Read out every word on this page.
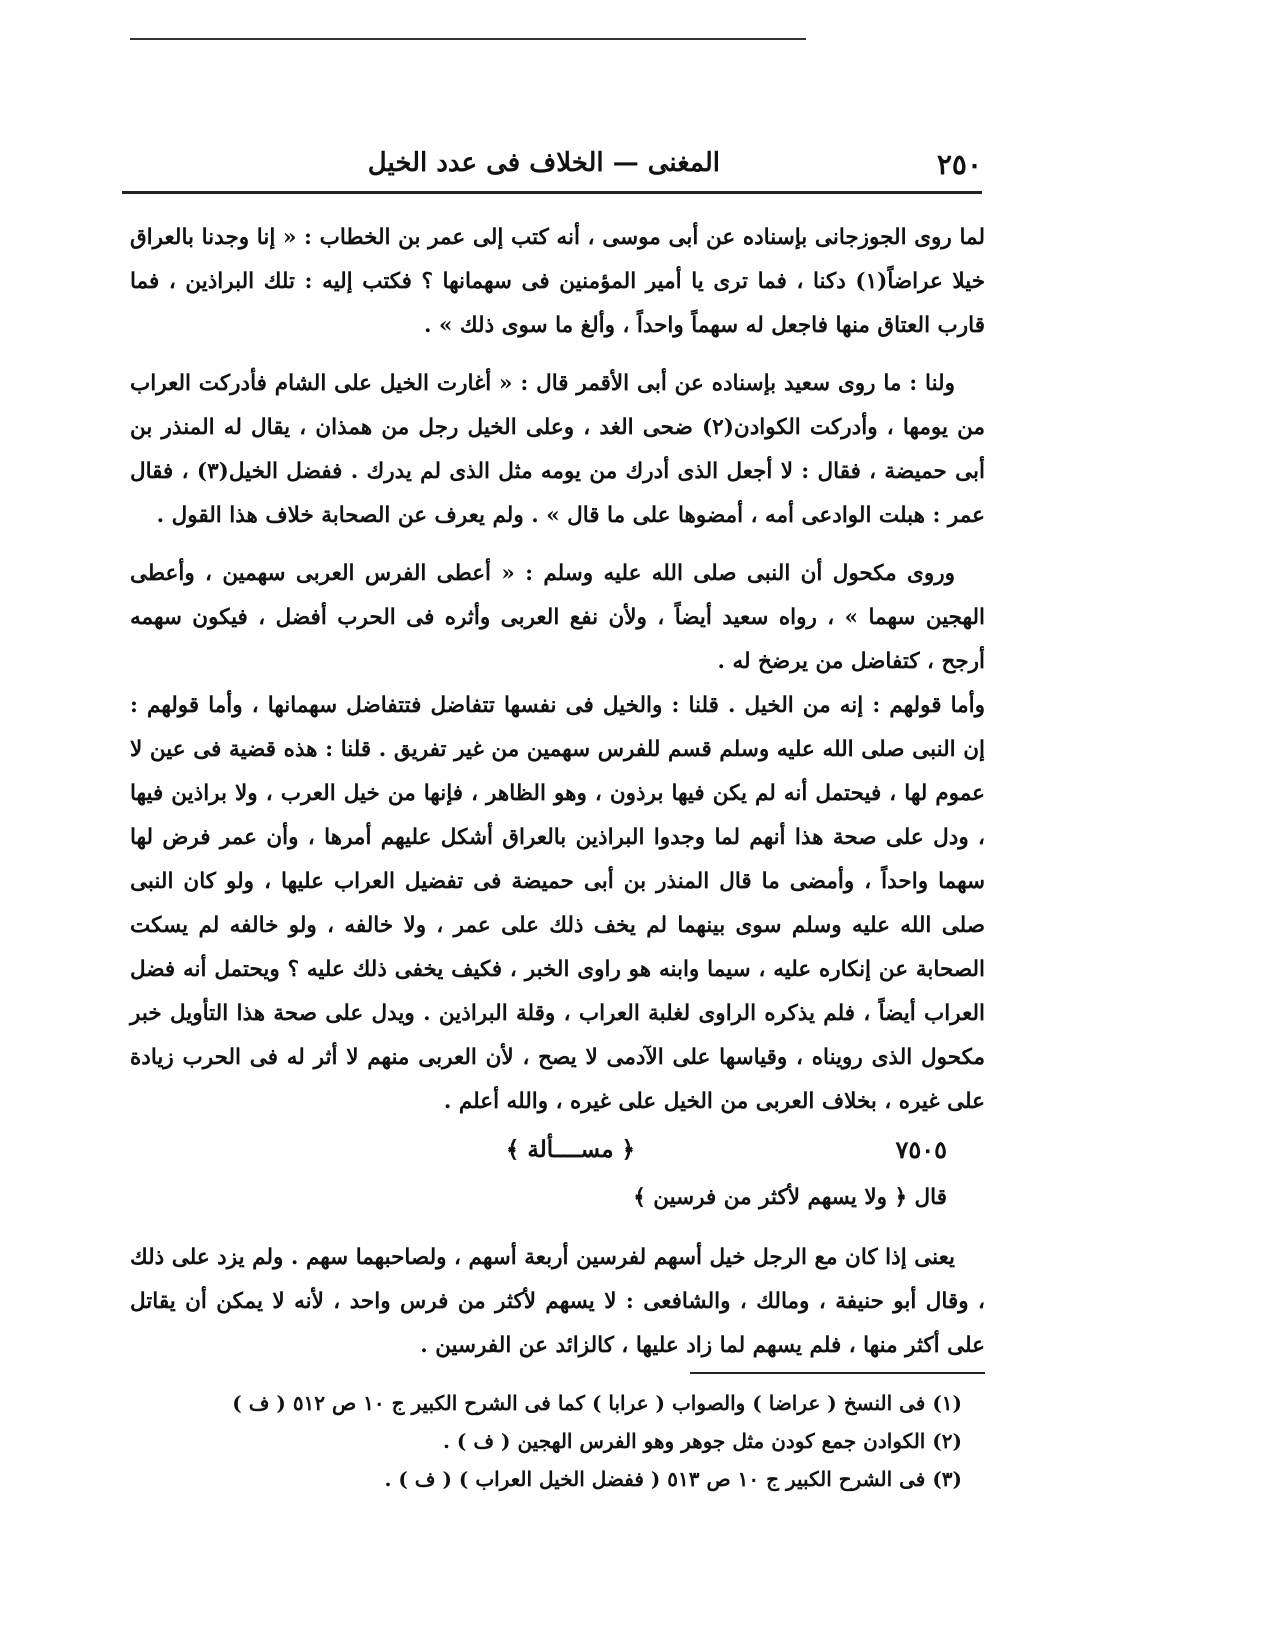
٢٥٠
المغنى — الخلاف فى عدد الخيل

لما روى الجوزجانى بإسناده عن أبى موسى ، أنه كتب إلى عمر بن الخطاب : « إنا وجدنا بالعراق خيلا عراضاً(١) دكنا ، فما ترى يا أمير المؤمنين فى سهمانها ؟ فكتب إليه : تلك البراذين ، فما قارب العتاق منها فاجعل له سهماً واحداً ، وألغ ما سوى ذلك » .

ولنا : ما روى سعيد بإسناده عن أبى الأقمر قال : « أغارت الخيل على الشام فأدركت العراب من يومها ، وأدركت الكوادن(٢) ضحى الغد ، وعلى الخيل رجل من همذان ، يقال له المنذر بن أبى حميضة ، فقال : لا أجعل الذى أدرك من يومه مثل الذى لم يدرك . ففضل الخيل(٣) ، فقال عمر : هبلت الوادعى أمه ، أمضوها على ما قال » . ولم يعرف عن الصحابة خلاف هذا القول .

وروى مكحول أن النبى صلى الله عليه وسلم : « أعطى الفرس العربى سهمين ، وأعطى الهجين سهما » ، رواه سعيد أيضاً ، ولأن نفع العربى وأثره فى الحرب أفضل ، فيكون سهمه أرجح ، كتفاضل من يرضخ له .

وأما قولهم : إنه من الخيل . قلنا : والخيل فى نفسها تتفاضل فتتفاضل سهمانها ، وأما قولهم : إن النبى صلى الله عليه وسلم قسم للفرس سهمين من غير تفريق . قلنا : هذه قضية فى عين لا عموم لها ، فيحتمل أنه لم يكن فيها برذون ، وهو الظاهر ، فإنها من خيل العرب ، ولا براذين فيها ، ودل على صحة هذا أنهم لما وجدوا البراذين بالعراق أشكل عليهم أمرها ، وأن عمر فرض لها سهما واحداً ، وأمضى ما قال المنذر بن أبى حميضة فى تفضيل العراب عليها ، ولو كان النبى صلى الله عليه وسلم سوى بينهما لم يخف ذلك على عمر ، ولا خالفه ، ولو خالفه لم يسكت الصحابة عن إنكاره عليه ، سيما وابنه هو راوى الخبر ، فكيف يخفى ذلك عليه ؟ ويحتمل أنه فضل العراب أيضاً ، فلم يذكره الراوى لغلبة العراب ، وقلة البراذين . ويدل على صحة هذا التأويل خبر مكحول الذى رويناه ، وقياسها على الآدمى لا يصح ، لأن العربى منهم لا أثر له فى الحرب زيادة على غيره ، بخلاف العربى من الخيل على غيره ، والله أعلم .

٧٥٠٥
﴿ مســــألة ﴾

قال ﴿ ولا يسهم لأكثر من فرسين ﴾

يعنى إذا كان مع الرجل خيل أسهم لفرسين أربعة أسهم ، ولصاحبهما سهم . ولم يزد على ذلك ، وقال أبو حنيفة ، ومالك ، والشافعى : لا يسهم لأكثر من فرس واحد ، لأنه لا يمكن أن يقاتل على أكثر منها ، فلم يسهم لما زاد عليها ، كالزائد عن الفرسين .

(١) فى النسخ ( عراضا ) والصواب ( عرابا ) كما فى الشرح الكبير ج ١٠ ص ٥١٢ ( ف )
(٢) الكوادن جمع كودن مثل جوهر وهو الفرس الهجين ( ف ) .
(٣) فى الشرح الكبير ج ١٠ ص ٥١٣ ( ففضل الخيل العراب ) ( ف ) .
